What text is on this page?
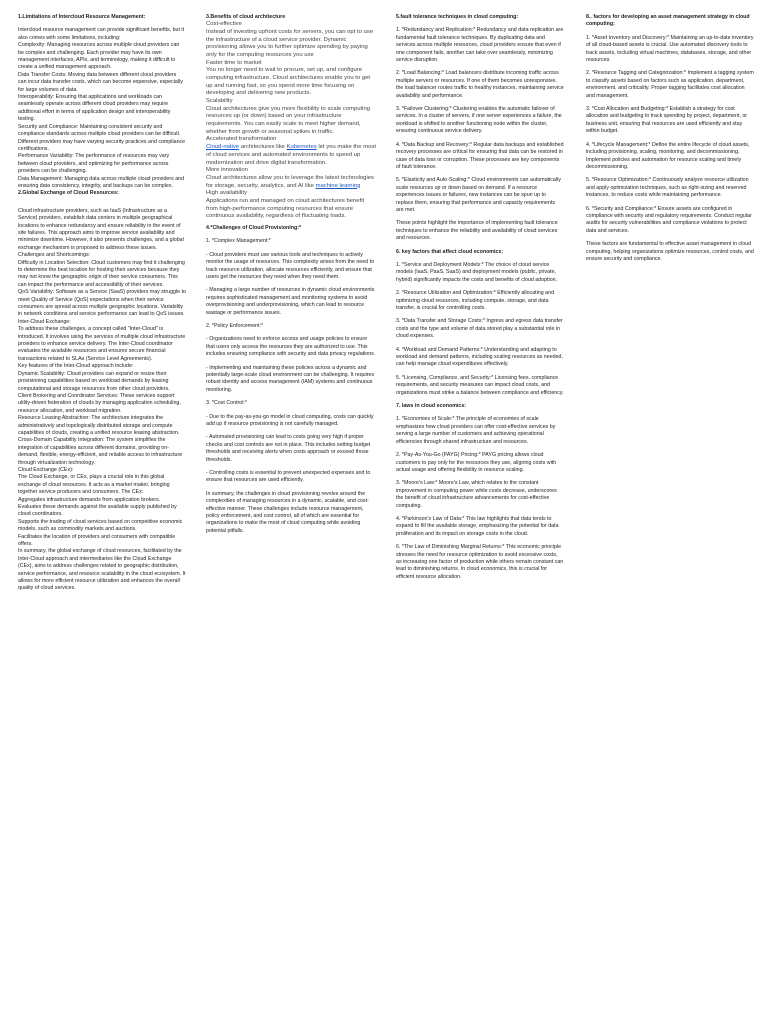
1.Limitations of Intercloud Resource Management:

Intercloud resource management can provide significant benefits, but it also comes with some limitations, including:
Complexity: Managing resources across multiple cloud providers can be complex and challenging. Each provider may have its own management interfaces, APIs, and terminology, making it difficult to create a unified management approach.
Data Transfer Costs: Moving data between different cloud providers can incur data transfer costs, which can become expensive, especially for large volumes of data.
Interoperability: Ensuring that applications and workloads can seamlessly operate across different cloud providers may require additional effort in terms of application design and interoperability testing.
Security and Compliance: Maintaining consistent security and compliance standards across multiple cloud providers can be difficult. Different providers may have varying security practices and compliance certifications.
Performance Variability: The performance of resources may vary between cloud providers, and optimizing for performance across providers can be challenging.
Data Management: Managing data across multiple cloud providers and ensuring data consistency, integrity, and backups can be complex.

2.Global Exchange of Cloud Resources:

Cloud infrastructure providers, such as IaaS (Infrastructure as a Service) providers, establish data centers in multiple geographical locations to enhance redundancy and ensure reliability in the event of site failures. This approach aims to improve service availability and minimize downtime. However, it also presents challenges, and a global exchange mechanism is proposed to address these issues.
Challenges and Shortcomings:
Difficulty in Location Selection: Cloud customers may find it challenging to determine the best location for hosting their services because they may not know the geographic origin of their service consumers. This can impact the performance and accessibility of their services.
QoS Variability: Software as a Service (SaaS) providers may struggle to meet Quality of Service (QoS) expectations when their service consumers are spread across multiple geographic locations. Variability in network conditions and service performance can lead to QoS issues.
Inter-Cloud Exchange:
To address these challenges, a concept called "Inter-Cloud" is introduced. It involves using the services of multiple cloud infrastructure providers to enhance service delivery. The Inter-Cloud coordinator evaluates the available resources and ensures secure financial transactions related to SLAs (Service Level Agreements).
Key features of the Inter-Cloud approach include:
Dynamic Scalability: Cloud providers can expand or resize their provisioning capabilities based on workload demands by leasing computational and storage resources from other cloud providers.
Client Brokering and Coordinator Services: These services support utility-driven federation of clouds by managing application scheduling, resource allocation, and workload migration.
Resource Leasing Abstraction: The architecture integrates the administratively and topologically distributed storage and compute capabilities of clouds, creating a unified resource leasing abstraction.
Cross-Domain Capability Integration: The system simplifies the integration of capabilities across different domains, providing on-demand, flexible, energy-efficient, and reliable access to infrastructure through virtualization technology.
Cloud Exchange (CEx):
The Cloud Exchange, or CEx, plays a crucial role in this global exchange of cloud resources. It acts as a market maker, bringing together service producers and consumers. The CEx:
Aggregates infrastructure demands from application brokers.
Evaluates these demands against the available supply published by cloud coordinators.
Supports the trading of cloud services based on competitive economic models, such as commodity markets and auctions.
Facilitates the location of providers and consumers with compatible offers.
In summary, the global exchange of cloud resources, facilitated by the Inter-Cloud approach and intermediaries like the Cloud Exchange (CEx), aims to address challenges related to geographic distribution, service performance, and resource scalability in the cloud ecosystem. It allows for more efficient resource utilization and enhances the overall quality of cloud services.
3.Benefits of cloud architecture
Cost-effective
Instead of investing upfront costs for servers, you can opt to use the infrastructure of a cloud service provider. Dynamic provisioning allows you to further optimize spending by paying only for the computing resources you use
Faster time to market
You no longer need to wait to procure, set up, and configure computing infrastructure. Cloud architectures enable you to get up and running fast, so you spend more time focusing on developing and delivering new products.
Scalability
Cloud architectures give you more flexibility to scale computing resources up (or down) based on your infrastructure requirements. You can easily scale to meet higher demand, whether from growth or seasonal spikes in traffic.
Accelerated transformation
Cloud-native architectures like Kubernetes let you make the most of cloud services and automated environments to speed up modernization and drive digital transformation.
More innovation
Cloud architectures allow you to leverage the latest technologies for storage, security, analytics, and AI like machine learning
High availability
Applications run and managed on cloud architectures benefit from high-performance computing resources that ensure continuous availability, regardless of fluctuating loads.

4.*Challenges of Cloud Provisioning:*

1. *Complex Management:*

- Cloud providers must use various tools and techniques to actively monitor the usage of resources. This complexity arises from the need to track resource utilization, allocate resources efficiently, and ensure that users get the resources they need when they need them.

- Managing a large number of resources in dynamic cloud environments requires sophisticated management and monitoring systems to avoid overprovisioning and underprovisioning, which can lead to resource wastage or performance issues.

2. *Policy Enforcement:*

- Organizations need to enforce access and usage policies to ensure that users only access the resources they are authorized to use. This includes ensuring compliance with security and data privacy regulations.

- Implementing and maintaining these policies across a dynamic and potentially large-scale cloud environment can be challenging. It requires robust identity and access management (IAM) systems and continuous monitoring.

3. *Cost Control:*

- Due to the pay-as-you-go model in cloud computing, costs can quickly add up if resource provisioning is not carefully managed.

- Automated provisioning can lead to costs going very high if proper checks and cost controls are not in place. This includes setting budget thresholds and receiving alerts when costs approach or exceed those thresholds.

- Controlling costs is essential to prevent unexpected expenses and to ensure that resources are used efficiently.

In summary, the challenges in cloud provisioning revolve around the complexities of managing resources in a dynamic, scalable, and cost-effective manner. These challenges include resource management, policy enforcement, and cost control, all of which are essential for organizations to make the most of cloud computing while avoiding potential pitfalls.

5.fault tolerance techniques in cloud computing:

1. *Redundancy and Replication:* Redundancy and data replication are fundamental fault tolerance techniques. By duplicating data and services across multiple resources, cloud providers ensure that even if one component fails, another can take over seamlessly, minimizing service disruption.

2. *Load Balancing:* Load balancers distribute incoming traffic across multiple servers or resources. If one of them becomes unresponsive, the load balancer routes traffic to healthy instances, maintaining service availability and performance.

3. *Failover Clustering:* Clustering enables the automatic failover of services. In a cluster of servers, if one server experiences a failure, the workload is shifted to another functioning node within the cluster, ensuring continuous service delivery.

4. *Data Backup and Recovery:* Regular data backups and established recovery processes are critical for ensuring that data can be restored in case of data loss or corruption. These processes are key components of fault tolerance.

5. *Elasticity and Auto-Scaling:* Cloud environments can automatically scale resources up or down based on demand. If a resource experiences issues or failures, new instances can be spun up to replace them, ensuring that performance and capacity requirements are met.

These points highlight the importance of implementing fault tolerance techniques to enhance the reliability and availability of cloud services and resources.

6. key factors that affect cloud economics:

1. *Service and Deployment Models:* The choice of cloud service models (IaaS, PaaS, SaaS) and deployment models (public, private, hybrid) significantly impacts the costs and benefits of cloud adoption.

2. *Resource Utilization and Optimization:* Efficiently allocating and optimizing cloud resources, including compute, storage, and data transfer, is crucial for controlling costs.

3. *Data Transfer and Storage Costs:* Ingress and egress data transfer costs and the type and volume of data stored play a substantial role in cloud expenses.

4. *Workload and Demand Patterns:* Understanding and adapting to workload and demand patterns, including scaling resources as needed, can help manage cloud expenditures effectively.

5. *Licensing, Compliance, and Security:* Licensing fees, compliance requirements, and security measures can impact cloud costs, and organizations must strike a balance between compliance and efficiency.

7. laws in cloud economics:

1. *Economies of Scale:* The principle of economies of scale emphasizes how cloud providers can offer cost-effective services by serving a large number of customers and achieving operational efficiencies through shared infrastructure and resources.

2. *Pay-As-You-Go (PAYG) Pricing:* PAYG pricing allows cloud customers to pay only for the resources they use, aligning costs with actual usage and offering flexibility in resource scaling.

3. *Moore's Law:* Moore's Law, which relates to the constant improvement in computing power while costs decrease, underscores the benefit of cloud infrastructure advancements for cost-effective computing.

4. *Parkinson's Law of Data:* This law highlights that data tends to expand to fill the available storage, emphasizing the potential for data proliferation and its impact on storage costs in the cloud.

6. *The Law of Diminishing Marginal Returns:* This economic principle stresses the need for resource optimization to avoid excessive costs, as increasing one factor of production while others remain constant can lead to diminishing returns. In cloud economics, this is crucial for efficient resource allocation.

8.. factors for developing an asset management strategy in cloud computing:

1. *Asset Inventory and Discovery:* Maintaining an up-to-date inventory of all cloud-based assets is crucial. Use automated discovery tools to track assets, including virtual machines, databases, storage, and other resources.

2. *Resource Tagging and Categorization:* Implement a tagging system to classify assets based on factors such as application, department, environment, and criticality. Proper tagging facilitates cost allocation and management.

3. *Cost Allocation and Budgeting:* Establish a strategy for cost allocation and budgeting to track spending by project, department, or business unit, ensuring that resources are used efficiently and stay within budget.

4. *Lifecycle Management:* Define the entire lifecycle of cloud assets, including provisioning, scaling, monitoring, and decommissioning. Implement policies and automation for resource scaling and timely decommissioning.

5. *Resource Optimization:* Continuously analyze resource utilization and apply optimization techniques, such as right-sizing and reserved instances, to reduce costs while maintaining performance.

6. *Security and Compliance:* Ensure assets are configured in compliance with security and regulatory requirements. Conduct regular audits for security vulnerabilities and compliance violations to protect data and services.

These factors are fundamental to effective asset management in cloud computing, helping organizations optimize resources, control costs, and ensure security and compliance.
